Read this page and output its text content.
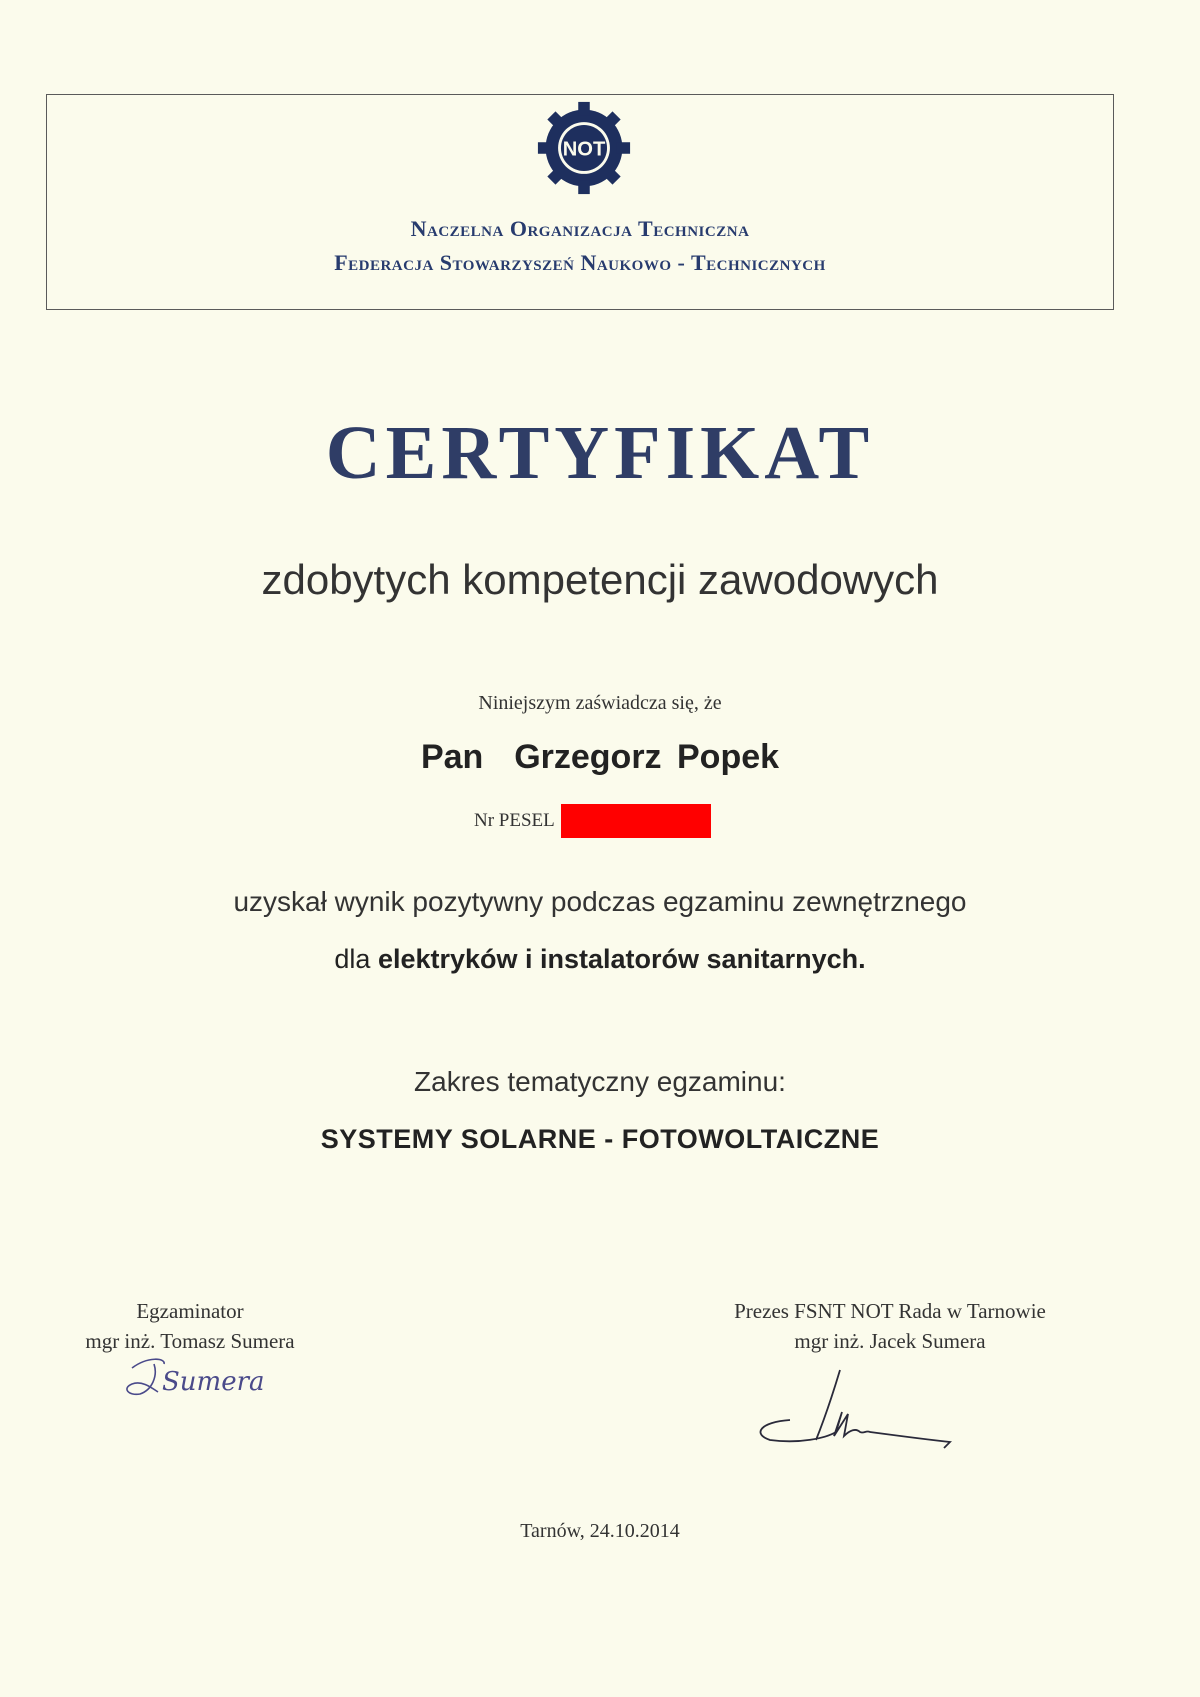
NOT
Naczelna Organizacja Techniczna
Federacja Stowarzyszeń Naukowo - Technicznych
CERTYFIKAT
zdobytych kompetencji zawodowych
Niniejszym zaświadcza się, że
Pan  Grzegorz Popek
Nr PESEL
uzyskał wynik pozytywny podczas egzaminu zewnętrznego
dla elektryków i instalatorów sanitarnych.
Zakres tematyczny egzaminu:
SYSTEMY SOLARNE - FOTOWOLTAICZNE
Egzaminator
mgr inż. Tomasz Sumera
Sumera
Prezes FSNT NOT Rada w Tarnowie
mgr inż. Jacek Sumera
Tarnów, 24.10.2014
